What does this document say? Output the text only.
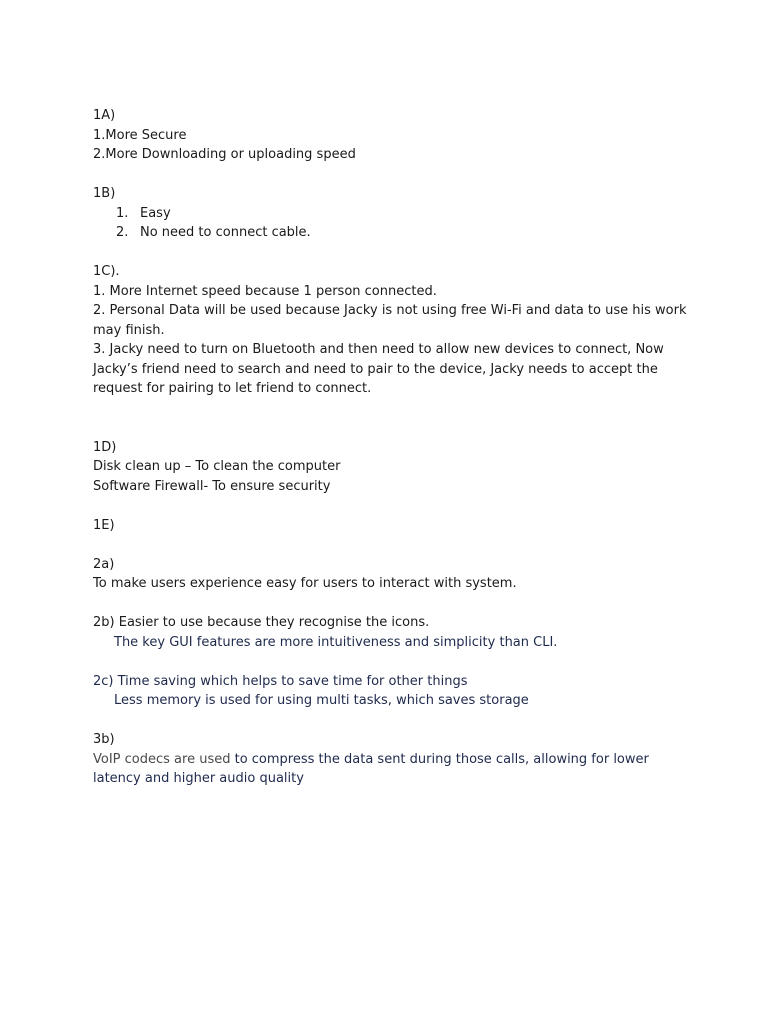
1A)
1.More Secure
2.More Downloading or uploading speed
1B)
1. Easy
2. No need to connect cable.
1C).
1. More Internet speed because 1 person connected.
2. Personal Data will be used because Jacky is not using free Wi-Fi and data to use his work
may finish.
3. Jacky need to turn on Bluetooth and then need to allow new devices to connect, Now
Jacky’s friend need to search and need to pair to the device, Jacky needs to accept the
request for pairing to let friend to connect.
1D)
Disk clean up – To clean the computer
Software Firewall- To ensure security
1E)
2a)
To make users experience easy for users to interact with system.
2b) Easier to use because they recognise the icons.
The key GUI features are more intuitiveness and simplicity than CLI.
2c) Time saving which helps to save time for other things
Less memory is used for using multi tasks, which saves storage
3b)
VoIP codecs are used to compress the data sent during those calls, allowing for lower
latency and higher audio quality
